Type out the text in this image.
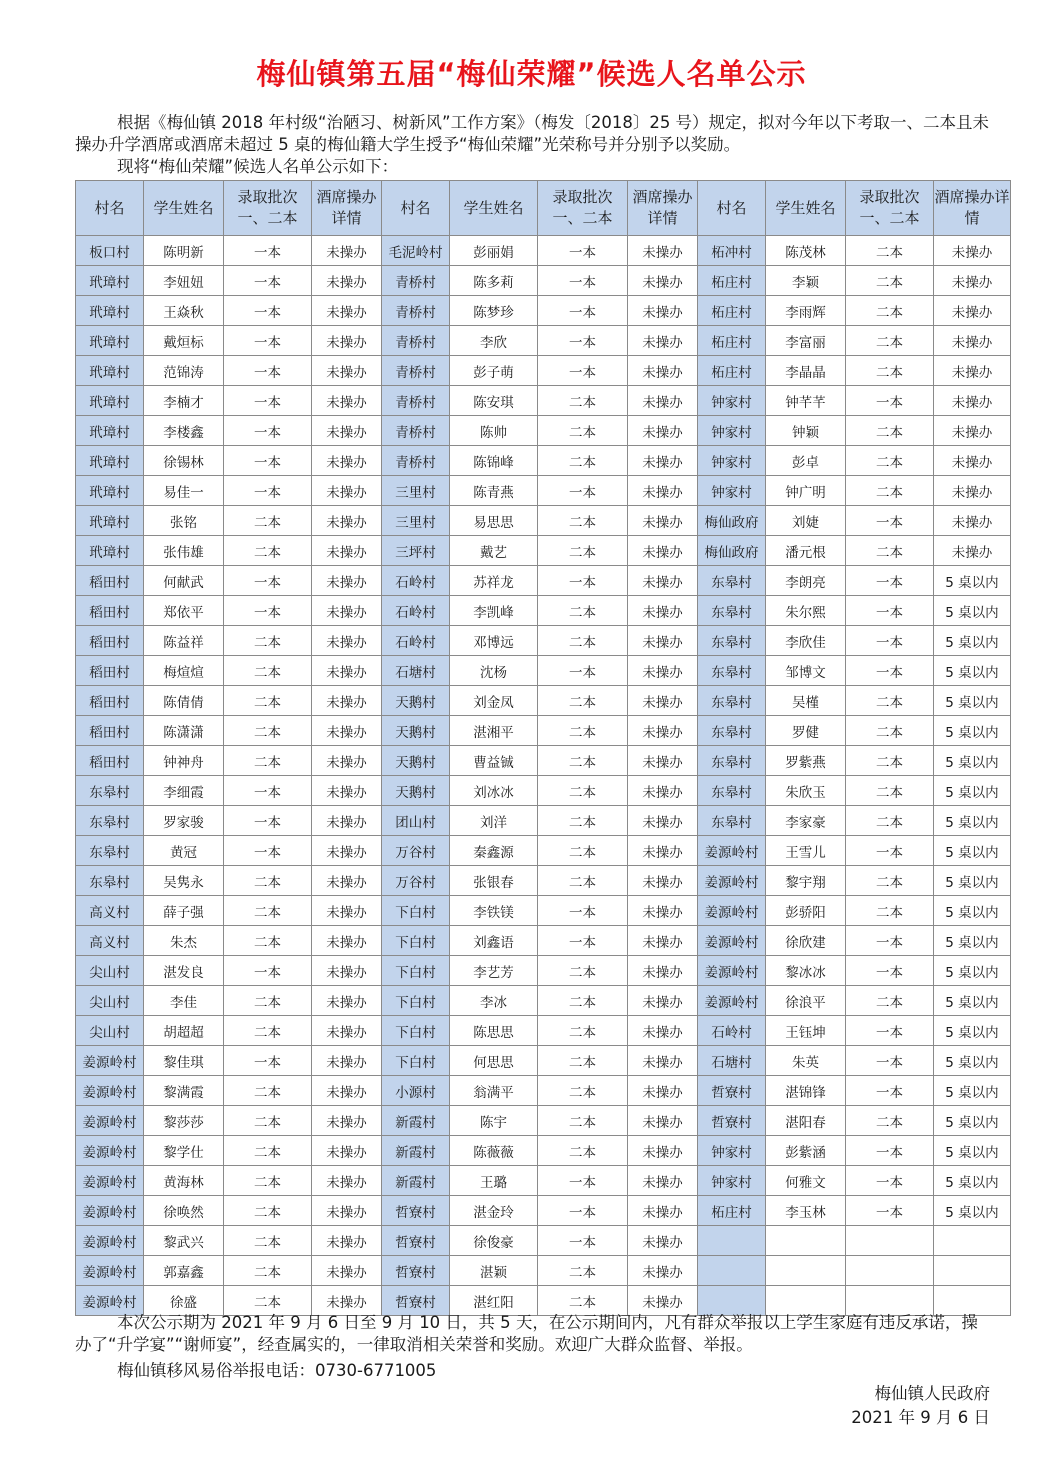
梅仙镇第五届“梅仙荣耀”候选人名单公示

根据《梅仙镇 2018 年村级“治陋习、树新风”工作方案》（梅发〔2018〕25 号）规定，拟对今年以下考取一、二本且未操办升学酒席或酒席未超过 5 桌的梅仙籍大学生授予“梅仙荣耀”光荣称号并分别予以奖励。

现将“梅仙荣耀”候选人名单公示如下：

村名	学生姓名	录取批次一、二本	酒席操办详情	村名	学生姓名	录取批次一、二本	酒席操办详情	村名	学生姓名	录取批次一、二本	酒席操办详情
板口村	陈明新	一本	未操办	毛泥岭村	彭丽娟	一本	未操办	柘冲村	陈茂林	二本	未操办
玳璋村	李妞妞	一本	未操办	青桥村	陈多莉	一本	未操办	柘庄村	李颖	二本	未操办
玳璋村	王焱秋	一本	未操办	青桥村	陈梦珍	一本	未操办	柘庄村	李雨辉	二本	未操办
玳璋村	戴烜标	一本	未操办	青桥村	李欣	一本	未操办	柘庄村	李富丽	二本	未操办
玳璋村	范锦涛	一本	未操办	青桥村	彭子萌	一本	未操办	柘庄村	李晶晶	二本	未操办
玳璋村	李楠才	一本	未操办	青桥村	陈安琪	二本	未操办	钟家村	钟芊芊	一本	未操办
玳璋村	李楼鑫	一本	未操办	青桥村	陈帅	二本	未操办	钟家村	钟颖	二本	未操办
玳璋村	徐锡林	一本	未操办	青桥村	陈锦峰	二本	未操办	钟家村	彭卓	二本	未操办
玳璋村	易佳一	一本	未操办	三里村	陈青燕	一本	未操办	钟家村	钟广明	二本	未操办
玳璋村	张铭	二本	未操办	三里村	易思思	二本	未操办	梅仙政府	刘婕	一本	未操办
玳璋村	张伟雄	二本	未操办	三坪村	戴艺	二本	未操办	梅仙政府	潘元根	二本	未操办
稻田村	何献武	一本	未操办	石岭村	苏祥龙	一本	未操办	东皋村	李朗亮	一本	5 桌以内
稻田村	郑依平	一本	未操办	石岭村	李凯峰	二本	未操办	东皋村	朱尔熙	一本	5 桌以内
稻田村	陈益祥	二本	未操办	石岭村	邓博远	二本	未操办	东皋村	李欣佳	一本	5 桌以内
稻田村	梅煊煊	二本	未操办	石塘村	沈杨	一本	未操办	东皋村	邹博文	一本	5 桌以内
稻田村	陈倩倩	二本	未操办	天鹅村	刘金凤	二本	未操办	东皋村	吴槿	二本	5 桌以内
稻田村	陈潇潇	二本	未操办	天鹅村	湛湘平	二本	未操办	东皋村	罗健	二本	5 桌以内
稻田村	钟神舟	二本	未操办	天鹅村	曹益铖	二本	未操办	东皋村	罗紫燕	二本	5 桌以内
东皋村	李细霞	一本	未操办	天鹅村	刘冰冰	二本	未操办	东皋村	朱欣玉	二本	5 桌以内
东皋村	罗家骏	一本	未操办	团山村	刘洋	二本	未操办	东皋村	李家豪	二本	5 桌以内
东皋村	黄冠	一本	未操办	万谷村	秦鑫源	二本	未操办	姜源岭村	王雪儿	一本	5 桌以内
东皋村	吴隽永	二本	未操办	万谷村	张银春	二本	未操办	姜源岭村	黎宇翔	二本	5 桌以内
高义村	薛子强	二本	未操办	下白村	李铁镁	一本	未操办	姜源岭村	彭骄阳	二本	5 桌以内
高义村	朱杰	二本	未操办	下白村	刘鑫语	一本	未操办	姜源岭村	徐欣建	一本	5 桌以内
尖山村	湛发良	一本	未操办	下白村	李艺芳	二本	未操办	姜源岭村	黎冰冰	一本	5 桌以内
尖山村	李佳	二本	未操办	下白村	李冰	二本	未操办	姜源岭村	徐浪平	二本	5 桌以内
尖山村	胡超超	二本	未操办	下白村	陈思思	二本	未操办	石岭村	王钰坤	一本	5 桌以内
姜源岭村	黎佳琪	一本	未操办	下白村	何思思	二本	未操办	石塘村	朱英	一本	5 桌以内
姜源岭村	黎满霞	二本	未操办	小源村	翁满平	二本	未操办	哲寮村	湛锦锋	一本	5 桌以内
姜源岭村	黎莎莎	二本	未操办	新霞村	陈宇	二本	未操办	哲寮村	湛阳春	二本	5 桌以内
姜源岭村	黎学仕	二本	未操办	新霞村	陈薇薇	二本	未操办	钟家村	彭紫涵	一本	5 桌以内
姜源岭村	黄海林	二本	未操办	新霞村	王璐	一本	未操办	钟家村	何雅文	一本	5 桌以内
姜源岭村	徐唤然	二本	未操办	哲寮村	湛金玲	一本	未操办	柘庄村	李玉林	一本	5 桌以内
姜源岭村	黎武兴	二本	未操办	哲寮村	徐俊豪	一本	未操办				
姜源岭村	郭嘉鑫	二本	未操办	哲寮村	湛颖	二本	未操办				
姜源岭村	徐盛	二本	未操办	哲寮村	湛红阳	二本	未操办				

本次公示期为 2021 年 9 月 6 日至 9 月 10 日，共 5 天，在公示期间内，凡有群众举报以上学生家庭有违反承诺，操办了“升学宴”“谢师宴”，经查属实的，一律取消相关荣誉和奖励。欢迎广大群众监督、举报。

梅仙镇移风易俗举报电话：0730-6771005

梅仙镇人民政府
2021 年 9 月 6 日
